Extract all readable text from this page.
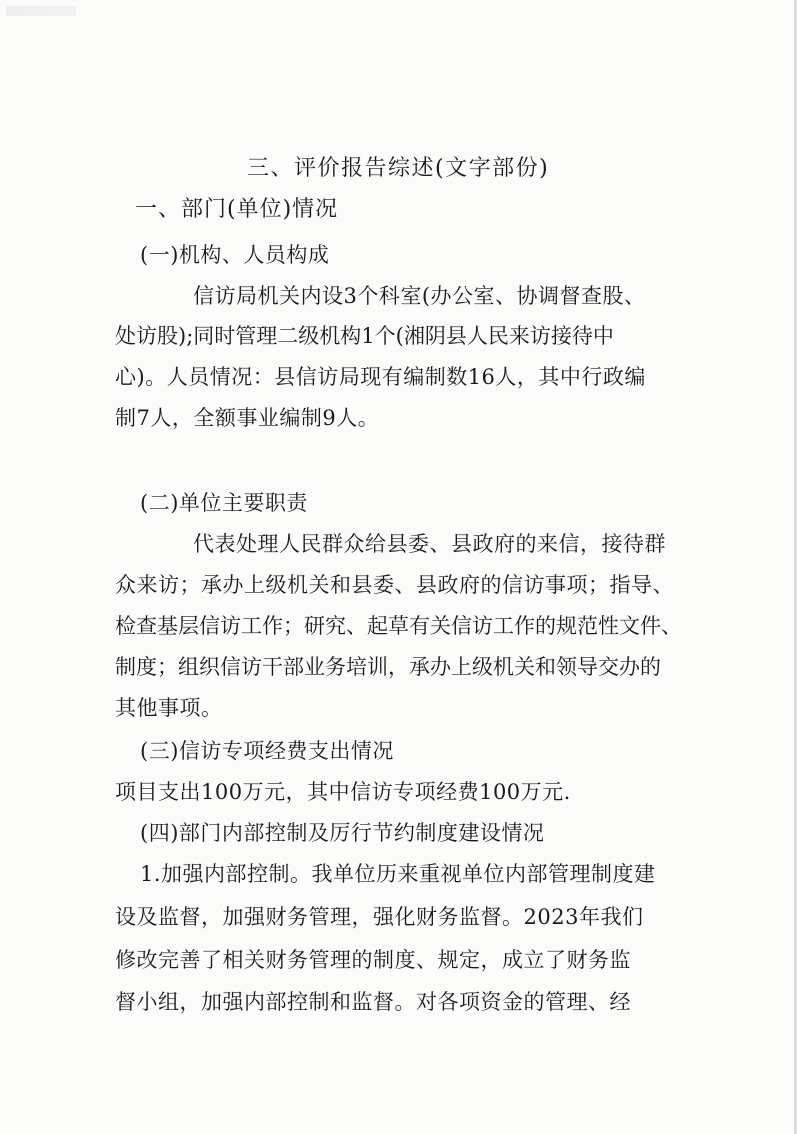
三、评价报告综述(文字部份)
一、部门(单位)情况
(一)机构、人员构成
信访局机关内设3个科室(办公室、协调督查股、
处访股);同时管理二级机构1个(湘阴县人民来访接待中
心)。人员情况：县信访局现有编制数16人，其中行政编
制7人，全额事业编制9人。
(二)单位主要职责
代表处理人民群众给县委、县政府的来信，接待群
众来访；承办上级机关和县委、县政府的信访事项；指导、
检查基层信访工作；研究、起草有关信访工作的规范性文件、
制度；组织信访干部业务培训，承办上级机关和领导交办的
其他事项。
(三)信访专项经费支出情况
项目支出100万元，其中信访专项经费100万元.
(四)部门内部控制及厉行节约制度建设情况
1.加强内部控制。我单位历来重视单位内部管理制度建
设及监督，加强财务管理，强化财务监督。2023年我们
修改完善了相关财务管理的制度、规定，成立了财务监
督小组，加强内部控制和监督。对各项资金的管理、经
